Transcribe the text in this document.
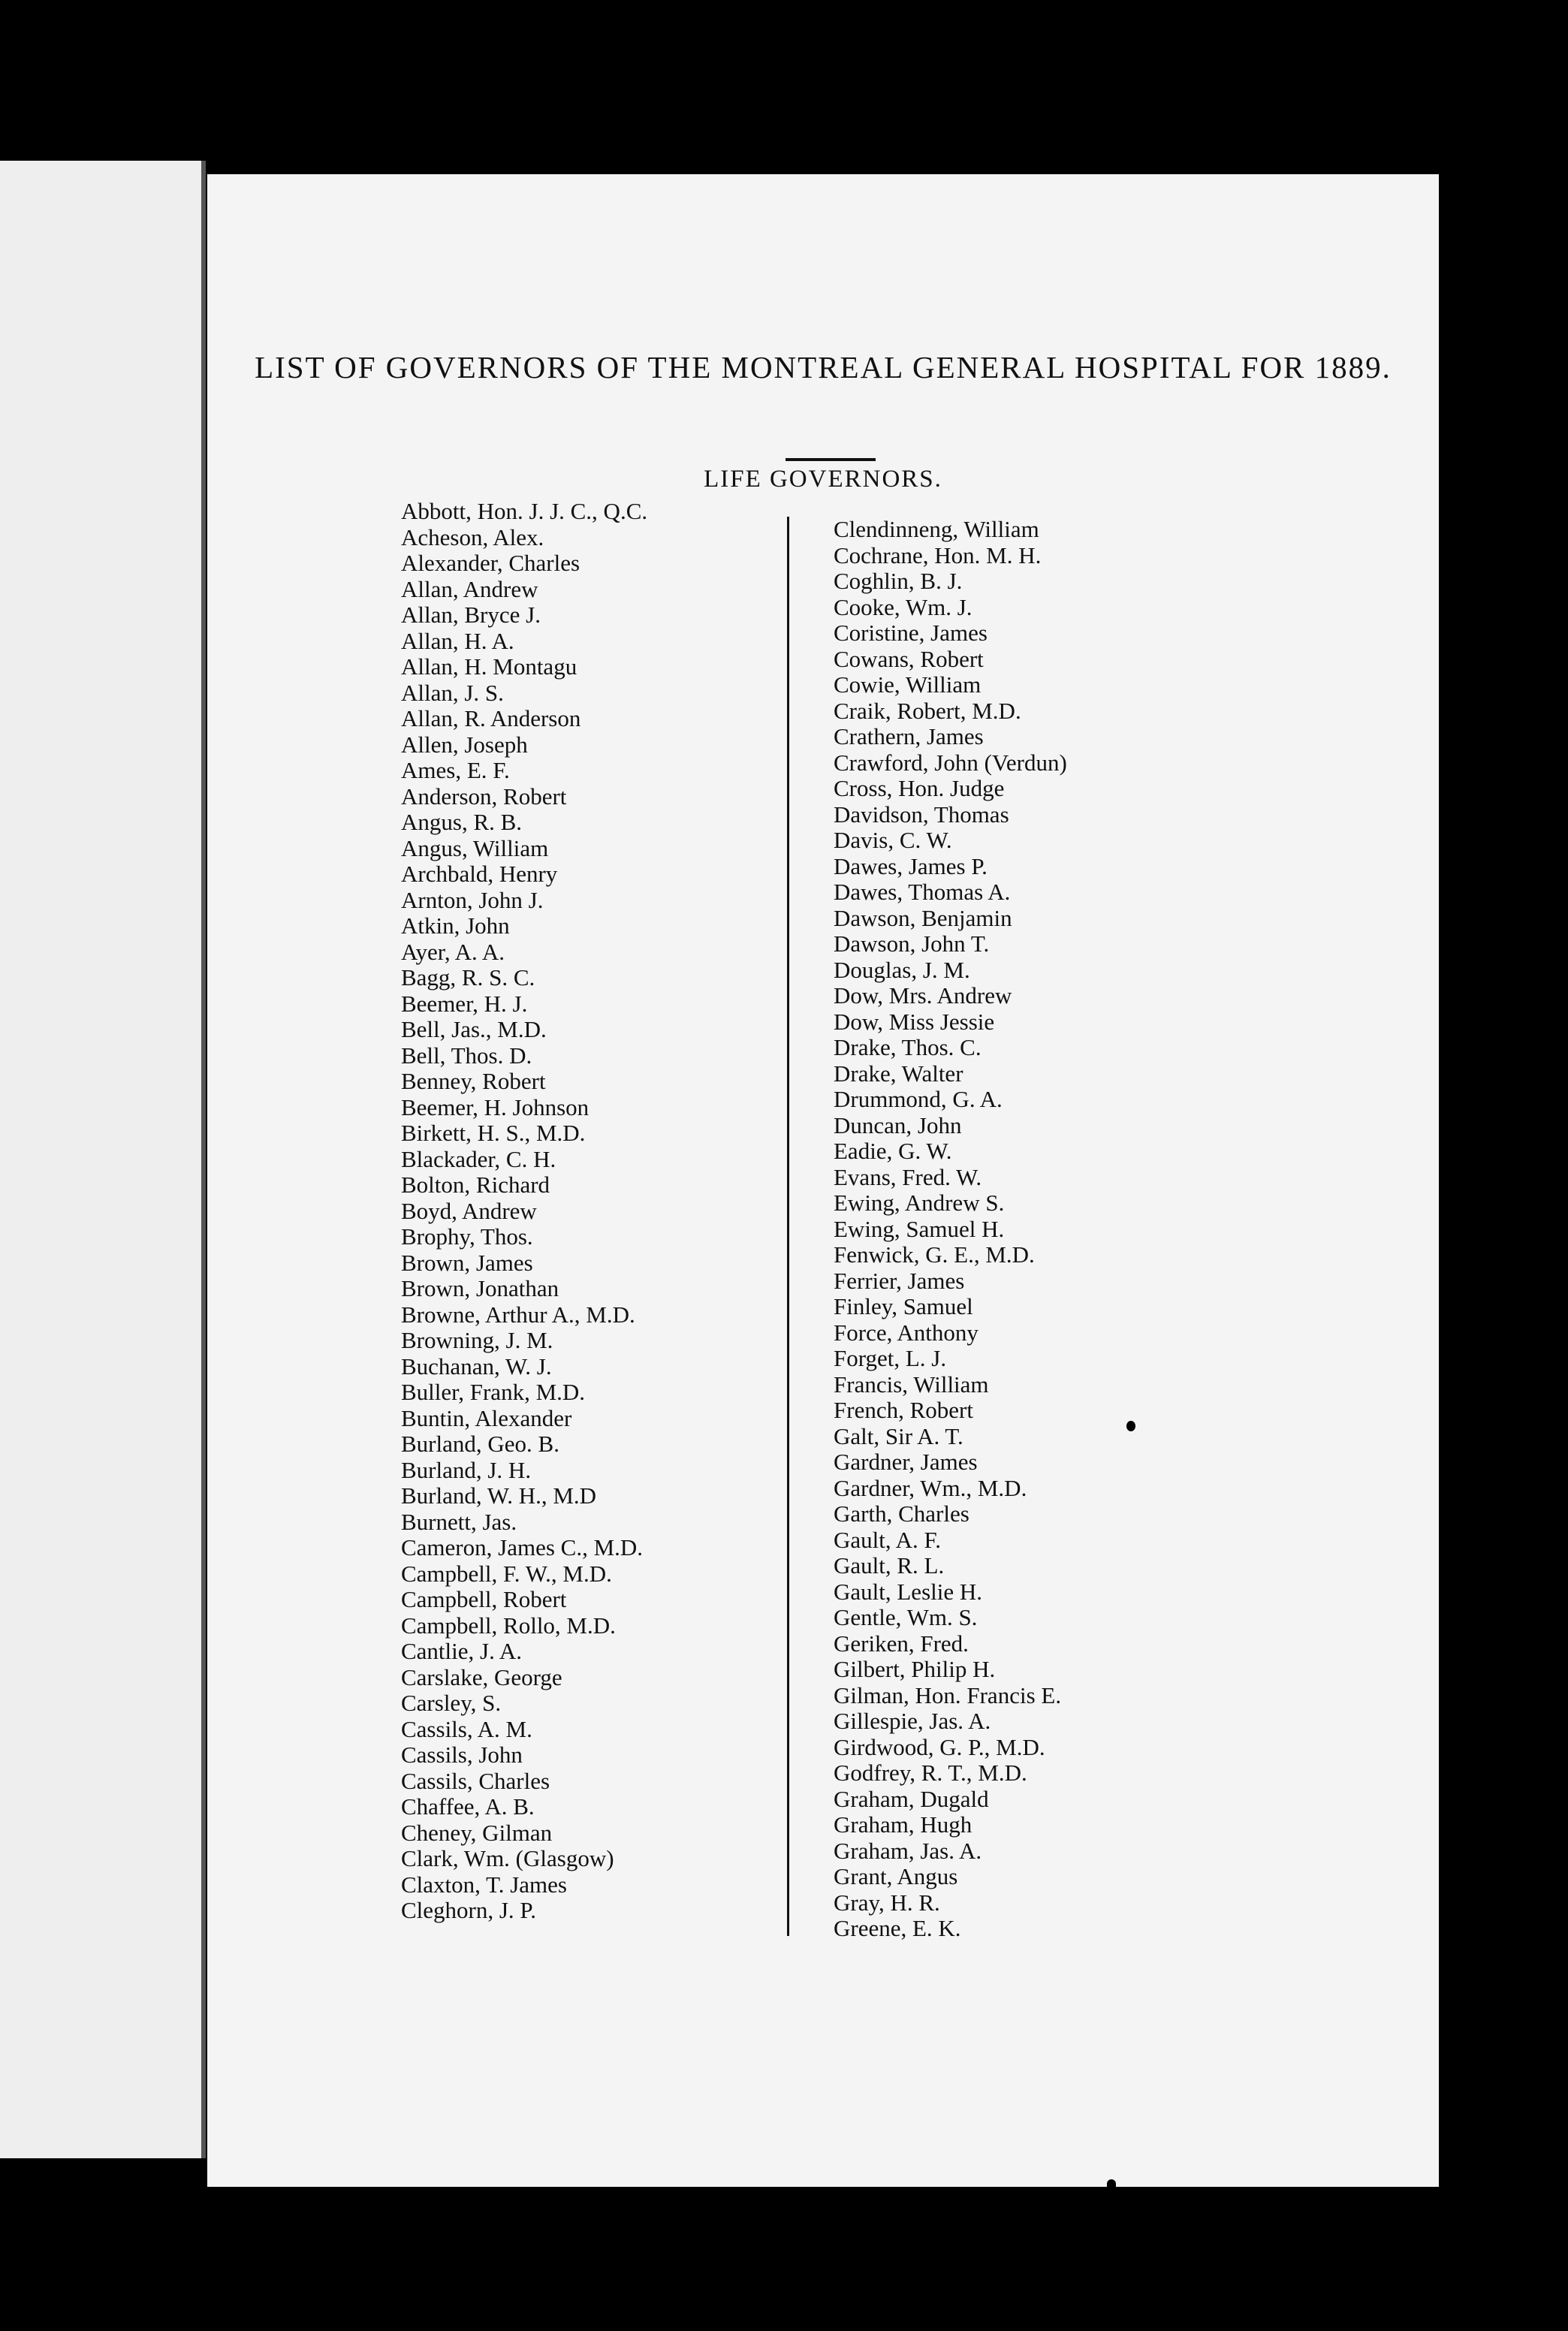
LIST OF GOVERNORS OF THE MONTREAL GENERAL HOSPITAL FOR 1889.
LIFE GOVERNORS.
Abbott, Hon. J. J. C., Q.C.
Acheson, Alex.
Alexander, Charles
Allan, Andrew
Allan, Bryce J.
Allan, H. A.
Allan, H. Montagu
Allan, J. S.
Allan, R. Anderson
Allen, Joseph
Ames, E. F.
Anderson, Robert
Angus, R. B.
Angus, William
Archbald, Henry
Arnton, John J.
Atkin, John
Ayer, A. A.
Bagg, R. S. C.
Beemer, H. J.
Bell, Jas., M.D.
Bell, Thos. D.
Benney, Robert
Beemer, H. Johnson
Birkett, H. S., M.D.
Blackader, C. H.
Bolton, Richard
Boyd, Andrew
Brophy, Thos.
Brown, James
Brown, Jonathan
Browne, Arthur A., M.D.
Browning, J. M.
Buchanan, W. J.
Buller, Frank, M.D.
Buntin, Alexander
Burland, Geo. B.
Burland, J. H.
Burland, W. H., M.D
Burnett, Jas.
Cameron, James C., M.D.
Campbell, F. W., M.D.
Campbell, Robert
Campbell, Rollo, M.D.
Cantlie, J. A.
Carslake, George
Carsley, S.
Cassils, A. M.
Cassils, John
Cassils, Charles
Chaffee, A. B.
Cheney, Gilman
Clark, Wm. (Glasgow)
Claxton, T. James
Cleghorn, J. P.
Clendinneng, William
Cochrane, Hon. M. H.
Coghlin, B. J.
Cooke, Wm. J.
Coristine, James
Cowans, Robert
Cowie, William
Craik, Robert, M.D.
Crathern, James
Crawford, John (Verdun)
Cross, Hon. Judge
Davidson, Thomas
Davis, C. W.
Dawes, James P.
Dawes, Thomas A.
Dawson, Benjamin
Dawson, John T.
Douglas, J. M.
Dow, Mrs. Andrew
Dow, Miss Jessie
Drake, Thos. C.
Drake, Walter
Drummond, G. A.
Duncan, John
Eadie, G. W.
Evans, Fred. W.
Ewing, Andrew S.
Ewing, Samuel H.
Fenwick, G. E., M.D.
Ferrier, James
Finley, Samuel
Force, Anthony
Forget, L. J.
Francis, William
French, Robert
Galt, Sir A. T.
Gardner, James
Gardner, Wm., M.D.
Garth, Charles
Gault, A. F.
Gault, R. L.
Gault, Leslie H.
Gentle, Wm. S.
Geriken, Fred.
Gilbert, Philip H.
Gilman, Hon. Francis E.
Gillespie, Jas. A.
Girdwood, G. P., M.D.
Godfrey, R. T., M.D.
Graham, Dugald
Graham, Hugh
Graham, Jas. A.
Grant, Angus
Gray, H. R.
Greene, E. K.
